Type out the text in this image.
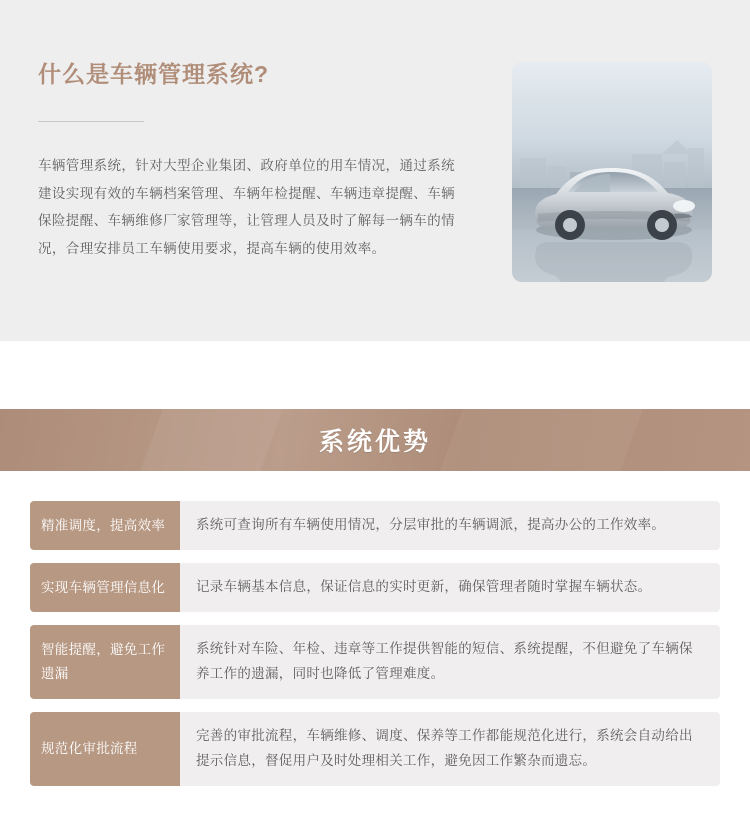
什么是车辆管理系统?

车辆管理系统，针对大型企业集团、政府单位的用车情况，通过系统建设实现有效的车辆档案管理、车辆年检提醒、车辆违章提醒、车辆保险提醒、车辆维修厂家管理等，让管理人员及时了解每一辆车的情况，合理安排员工车辆使用要求，提高车辆的使用效率。

系统优势
精准调度，提高效率	系统可查询所有车辆使用情况，分层审批的车辆调派，提高办公的工作效率。
实现车辆管理信息化	记录车辆基本信息，保证信息的实时更新，确保管理者随时掌握车辆状态。
智能提醒，避免工作遗漏
系统针对车险、年检、违章等工作提供智能的短信、系统提醒，不但避免了车辆保养工作的遗漏，同时也降低了管理难度。
规范化审批流程
完善的审批流程，车辆维修、调度、保养等工作都能规范化进行，系统会自动给出提示信息，督促用户及时处理相关工作，避免因工作繁杂而遗忘。
